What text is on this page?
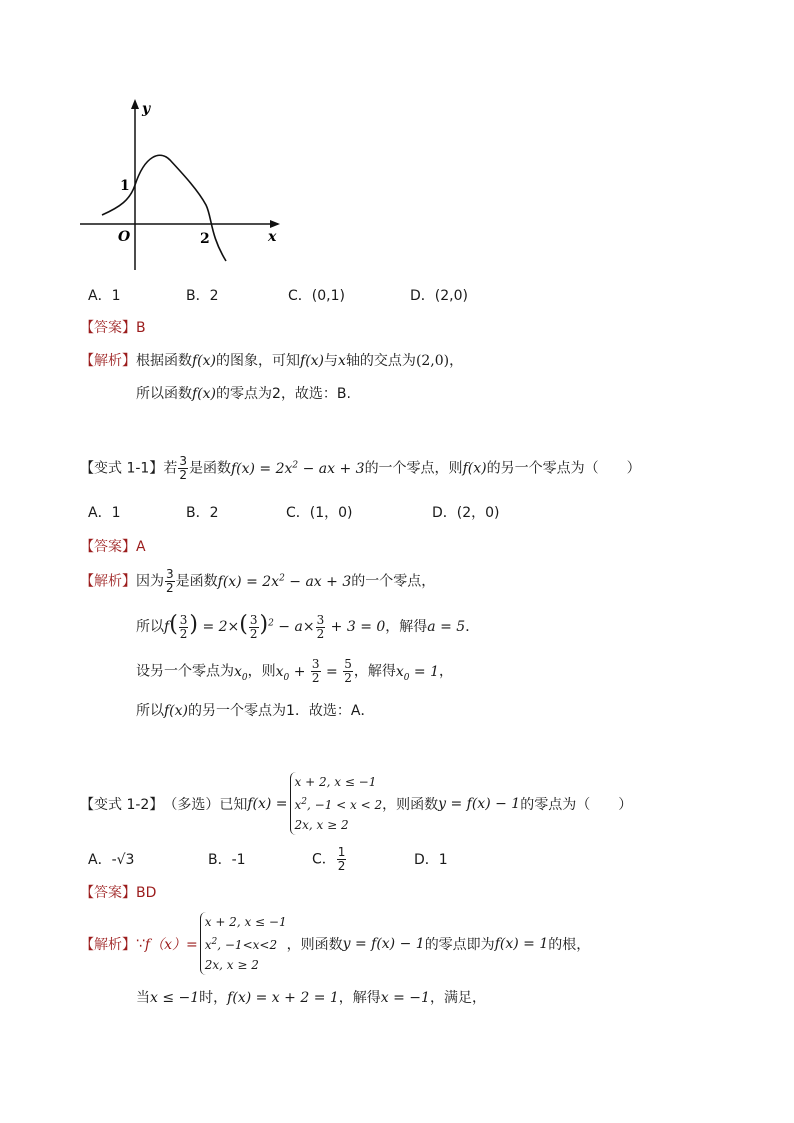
y
x
O
1
2
A．1	B．2	C．(0,1)	D．(2,0)
【答案】B
【解析】根据函数f(x)的图象，可知f(x)与x轴的交点为(2,0)，
所以函数f(x)的零点为2，故选：B.
【变式 1-1】若 $\frac{3}{2}$ 是函数$f(x) = 2x^2$ − ax + 3的一个零点，则f(x)的另一个零点为（　　）
A．1	B．2	C．(1，0)	D．(2，0)
【答案】A
【解析】因为 $\frac{3}{2}$ 是函数$f(x) = 2x^2$ − ax + 3的一个零点，
所以$f( \frac{3}{2}$ ) = $2\times( \frac{3}{2} )^2 - a\times \frac{3}{2} + 3 = 0$，解得a = 5．
设另一个零点为$x_0$，则$x_0 + \frac{3}{2} = \frac{5}{2}$ ，解得$x_0 = 1$，
所以f(x)的另一个零点为1．故选：A．
【变式 1-2】 （多选）已知 f(x) =
x + 2, x ≤ −1
$x^2$, −1 < x < 2
2x, x ≥ 2
，则函数 y = f(x) − 1 的零点为（　　）
A．-√3	B．-1	C． $\frac{1}{2}$	D．1
【答案】BD
【解析】 ∵ f（x）=
x + 2, x ≤ −1
$x^2$, −1<x<2
2x, x ≥ 2
，则函数 y = f(x) − 1 的零点即为 f(x) = 1 的根，
当x ≤ −1时，f(x) = x + 2 = 1，解得x = −1，满足，
